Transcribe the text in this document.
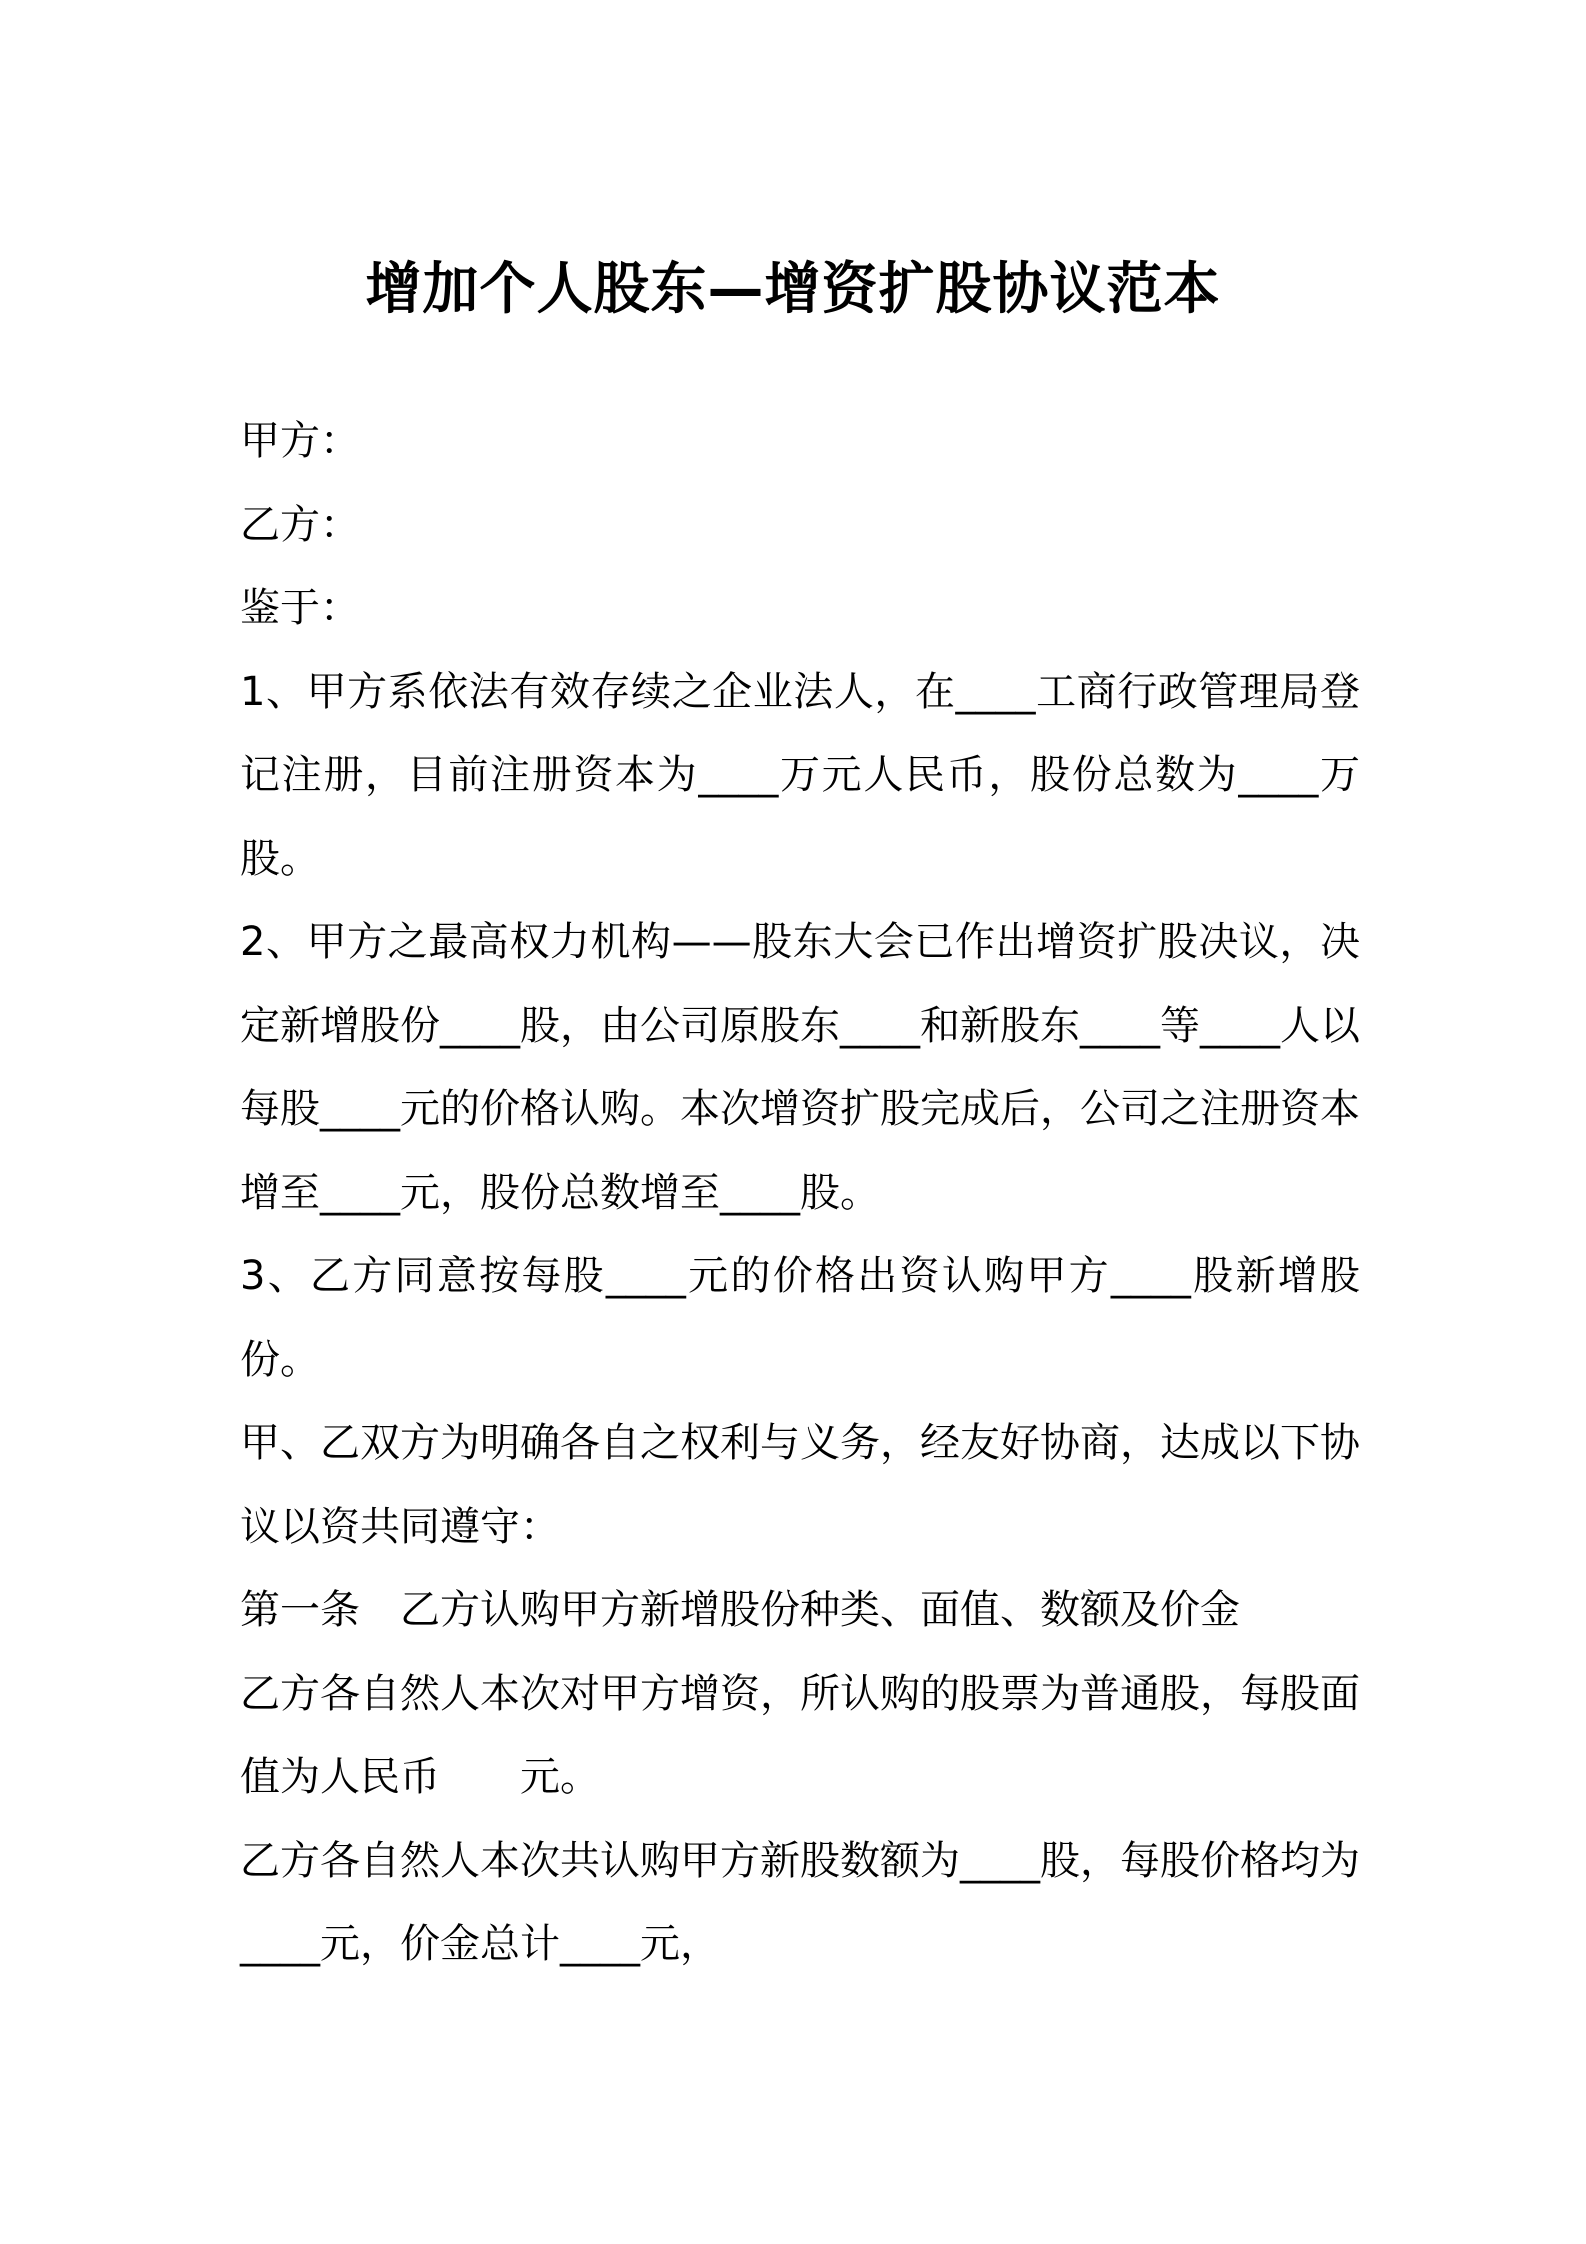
增加个人股东—增资扩股协议范本

甲方：

乙方：

鉴于：

1、甲方系依法有效存续之企业法人，在____工商行政管理局登记注册，目前注册资本为____万元人民币，股份总数为____万股。

2、甲方之最高权力机构——股东大会已作出增资扩股决议，决定新增股份____股，由公司原股东____和新股东____等____人以每股____元的价格认购。本次增资扩股完成后，公司之注册资本增至____元，股份总数增至____股。

3、乙方同意按每股____元的价格出资认购甲方____股新增股份。

甲、乙双方为明确各自之权利与义务，经友好协商，达成以下协议以资共同遵守：

第一条　乙方认购甲方新增股份种类、面值、数额及价金

乙方各自然人本次对甲方增资，所认购的股票为普通股，每股面值为人民币　　元。

乙方各自然人本次共认购甲方新股数额为____股，每股价格均为____元，价金总计____元，
